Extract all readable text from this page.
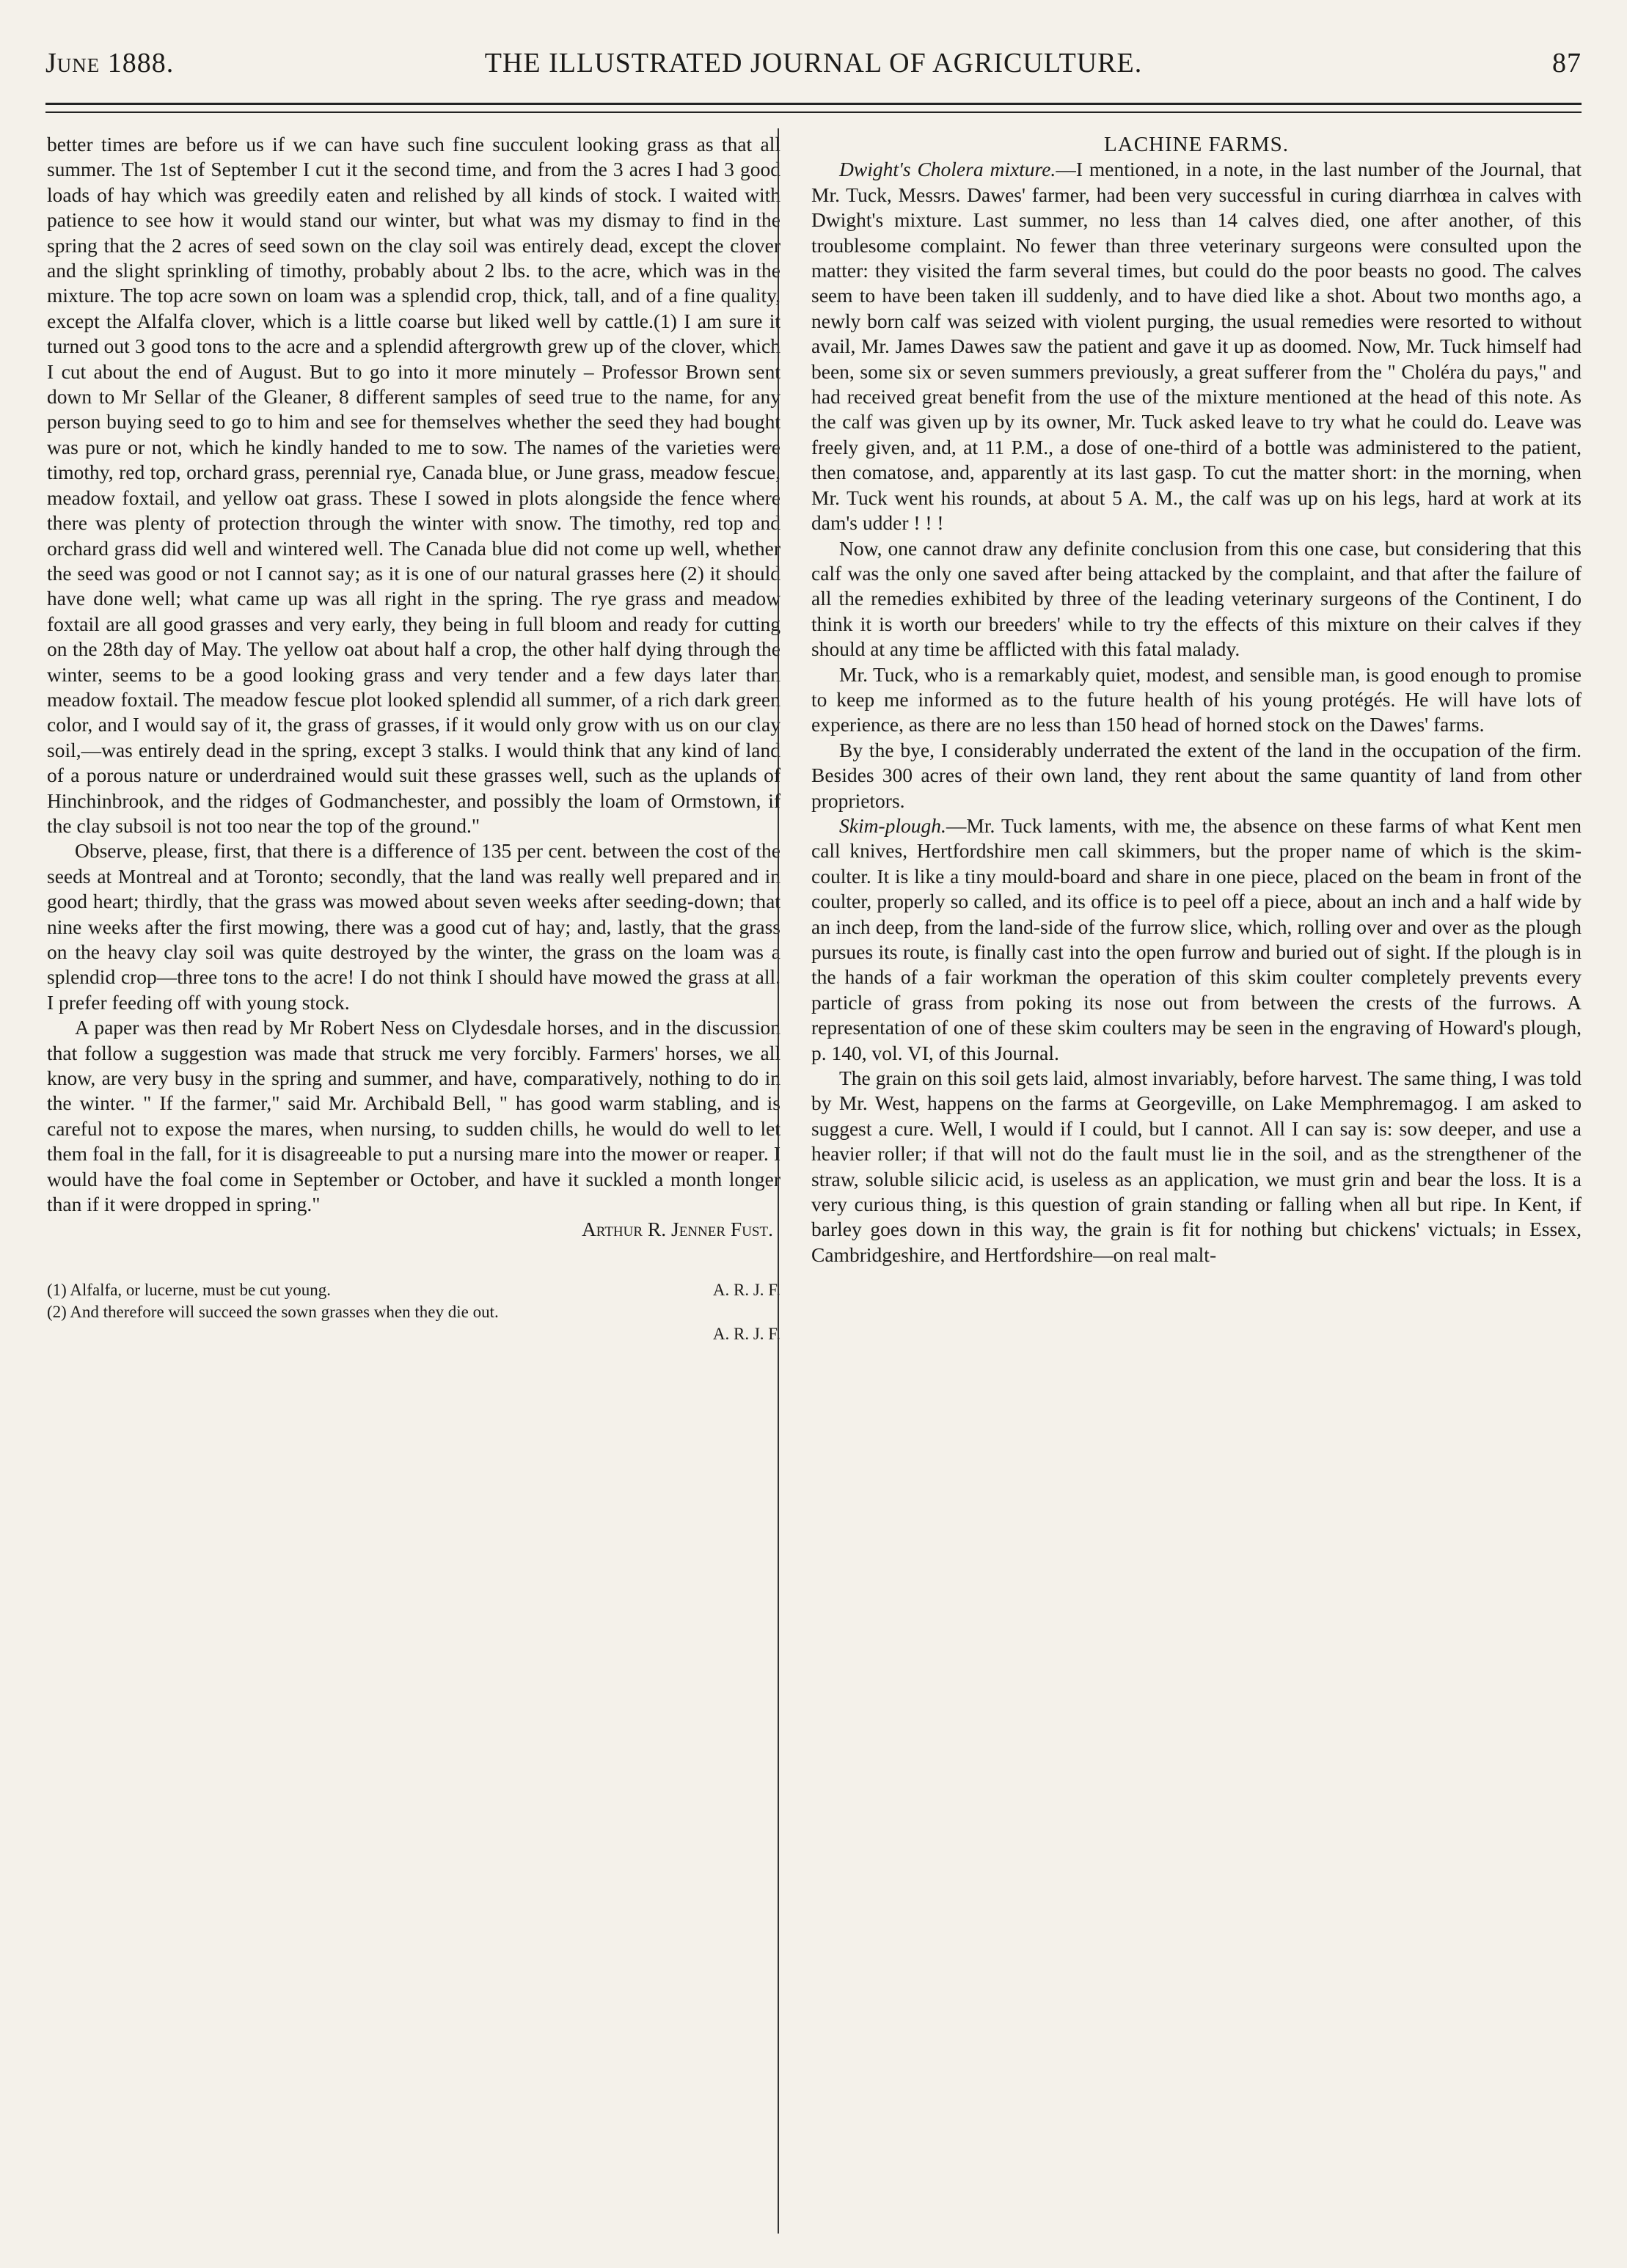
June 1888.	THE ILLUSTRATED JOURNAL OF AGRICULTURE.	87

better times are before us if we can have such fine succulent looking grass as that all summer. The 1st of September I cut it the second time, and from the 3 acres I had 3 good loads of hay which was greedily eaten and relished by all kinds of stock. I waited with patience to see how it would stand our winter, but what was my dismay to find in the spring that the 2 acres of seed sown on the clay soil was entirely dead, except the clover and the slight sprinkling of timothy, probably about 2 lbs. to the acre, which was in the mixture. The top acre sown on loam was a splendid crop, thick, tall, and of a fine quality, except the Alfalfa clover, which is a little coarse but liked well by cattle.(1) I am sure it turned out 3 good tons to the acre and a splendid aftergrowth grew up of the clover, which I cut about the end of August. But to go into it more minutely – Professor Brown sent down to Mr Sellar of the Gleaner, 8 different samples of seed true to the name, for any person buying seed to go to him and see for themselves whether the seed they had bought was pure or not, which he kindly handed to me to sow. The names of the varieties were timothy, red top, orchard grass, perennial rye, Canada blue, or June grass, meadow fescue, meadow foxtail, and yellow oat grass. These I sowed in plots alongside the fence where there was plenty of protection through the winter with snow. The timothy, red top and orchard grass did well and wintered well. The Canada blue did not come up well, whether the seed was good or not I cannot say; as it is one of our natural grasses here (2) it should have done well; what came up was all right in the spring. The rye grass and meadow foxtail are all good grasses and very early, they being in full bloom and ready for cutting on the 28th day of May. The yellow oat about half a crop, the other half dying through the winter, seems to be a good looking grass and very tender and a few days later than meadow foxtail. The meadow fescue plot looked splendid all summer, of a rich dark green color, and I would say of it, the grass of grasses, if it would only grow with us on our clay soil,—was entirely dead in the spring, except 3 stalks. I would think that any kind of land of a porous nature or underdrained would suit these grasses well, such as the uplands of Hinchinbrook, and the ridges of Godmanchester, and possibly the loam of Ormstown, if the clay subsoil is not too near the top of the ground."

Observe, please, first, that there is a difference of 135 per cent. between the cost of the seeds at Montreal and at Toronto; secondly, that the land was really well prepared and in good heart; thirdly, that the grass was mowed about seven weeks after seeding-down; that nine weeks after the first mowing, there was a good cut of hay; and, lastly, that the grass on the heavy clay soil was quite destroyed by the winter, the grass on the loam was a splendid crop—three tons to the acre! I do not think I should have mowed the grass at all. I prefer feeding off with young stock.

A paper was then read by Mr Robert Ness on Clydesdale horses, and in the discussion that follow a suggestion was made that struck me very forcibly. Farmers' horses, we all know, are very busy in the spring and summer, and have, comparatively, nothing to do in the winter. " If the farmer," said Mr. Archibald Bell, " has good warm stabling, and is careful not to expose the mares, when nursing, to sudden chills, he would do well to let them foal in the fall, for it is disagreeable to put a nursing mare into the mower or reaper. I would have the foal come in September or October, and have it suckled a month longer than if it were dropped in spring."

Arthur R. Jenner Fust.

(1) Alfalfa, or lucerne, must be cut young.	A. R. J. F.
(2) And therefore will succeed the sown grasses when they die out.
A. R. J. F.

LACHINE FARMS.

Dwight's Cholera mixture.—I mentioned, in a note, in the last number of the Journal, that Mr. Tuck, Messrs. Dawes' farmer, had been very successful in curing diarrhœa in calves with Dwight's mixture. Last summer, no less than 14 calves died, one after another, of this troublesome complaint. No fewer than three veterinary surgeons were consulted upon the matter: they visited the farm several times, but could do the poor beasts no good. The calves seem to have been taken ill suddenly, and to have died like a shot. About two months ago, a newly born calf was seized with violent purging, the usual remedies were resorted to without avail, Mr. James Dawes saw the patient and gave it up as doomed. Now, Mr. Tuck himself had been, some six or seven summers previously, a great sufferer from the " Choléra du pays," and had received great benefit from the use of the mixture mentioned at the head of this note. As the calf was given up by its owner, Mr. Tuck asked leave to try what he could do. Leave was freely given, and, at 11 P.M., a dose of one-third of a bottle was administered to the patient, then comatose, and, apparently at its last gasp. To cut the matter short: in the morning, when Mr. Tuck went his rounds, at about 5 A. M., the calf was up on his legs, hard at work at its dam's udder ! ! !

Now, one cannot draw any definite conclusion from this one case, but considering that this calf was the only one saved after being attacked by the complaint, and that after the failure of all the remedies exhibited by three of the leading veterinary surgeons of the Continent, I do think it is worth our breeders' while to try the effects of this mixture on their calves if they should at any time be afflicted with this fatal malady.

Mr. Tuck, who is a remarkably quiet, modest, and sensible man, is good enough to promise to keep me informed as to the future health of his young protégés. He will have lots of experience, as there are no less than 150 head of horned stock on the Dawes' farms.

By the bye, I considerably underrated the extent of the land in the occupation of the firm. Besides 300 acres of their own land, they rent about the same quantity of land from other proprietors.

Skim-plough.—Mr. Tuck laments, with me, the absence on these farms of what Kent men call knives, Hertfordshire men call skimmers, but the proper name of which is the skim-coulter. It is like a tiny mould-board and share in one piece, placed on the beam in front of the coulter, properly so called, and its office is to peel off a piece, about an inch and a half wide by an inch deep, from the land-side of the furrow slice, which, rolling over and over as the plough pursues its route, is finally cast into the open furrow and buried out of sight. If the plough is in the hands of a fair workman the operation of this skim coulter completely prevents every particle of grass from poking its nose out from between the crests of the furrows. A representation of one of these skim coulters may be seen in the engraving of Howard's plough, p. 140, vol. VI, of this Journal.

The grain on this soil gets laid, almost invariably, before harvest. The same thing, I was told by Mr. West, happens on the farms at Georgeville, on Lake Memphremagog. I am asked to suggest a cure. Well, I would if I could, but I cannot. All I can say is: sow deeper, and use a heavier roller; if that will not do the fault must lie in the soil, and as the strengthener of the straw, soluble silicic acid, is useless as an application, we must grin and bear the loss. It is a very curious thing, is this question of grain standing or falling when all but ripe. In Kent, if barley goes down in this way, the grain is fit for nothing but chickens' victuals; in Essex, Cambridgeshire, and Hertfordshire—on real malt-
